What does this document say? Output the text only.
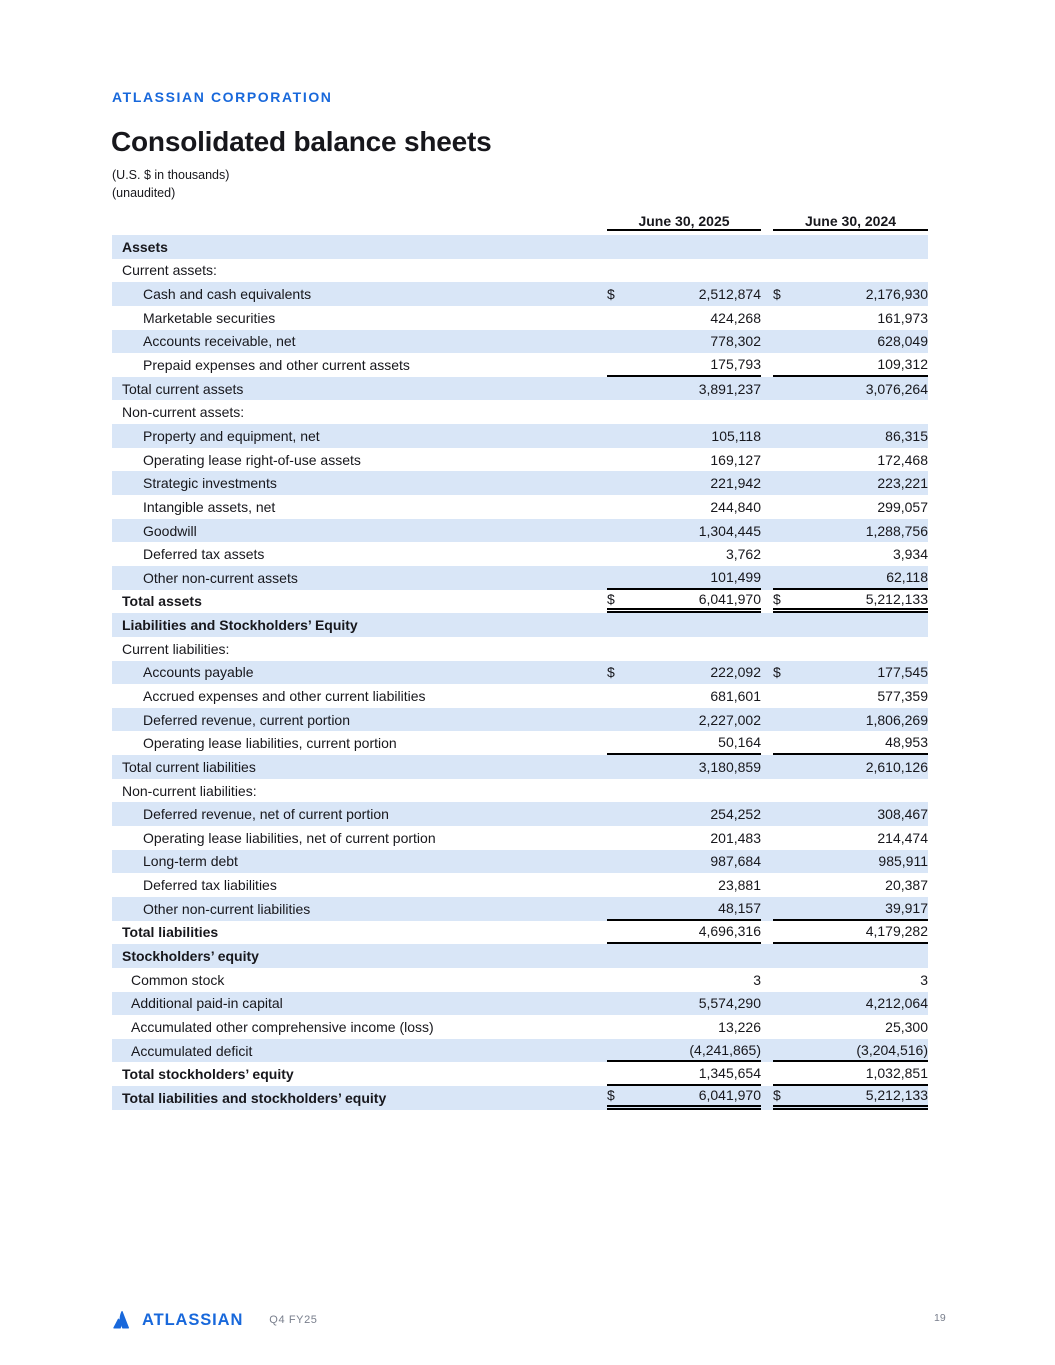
ATLASSIAN CORPORATION
Consolidated balance sheets
(U.S. $ in thousands)
(unaudited)
	June 30, 2025			June 30, 2024	

Assets					
Current assets:					
Cash and cash equivalents	$	2,512,874		$	2,176,930
Marketable securities		424,268			161,973
Accounts receivable, net		778,302			628,049
Prepaid expenses and other current assets		175,793			109,312
Total current assets		3,891,237			3,076,264
Non-current assets:					
Property and equipment, net		105,118			86,315
Operating lease right-of-use assets		169,127			172,468
Strategic investments		221,942			223,221
Intangible assets, net		244,840			299,057
Goodwill		1,304,445			1,288,756
Deferred tax assets		3,762			3,934
Other non-current assets		101,499			62,118
Total assets	$	6,041,970		$	5,212,133
Liabilities and Stockholders’ Equity					
Current liabilities:					
Accounts payable	$	222,092		$	177,545
Accrued expenses and other current liabilities		681,601			577,359
Deferred revenue, current portion		2,227,002			1,806,269
Operating lease liabilities, current portion		50,164			48,953
Total current liabilities		3,180,859			2,610,126
Non-current liabilities:					
Deferred revenue, net of current portion		254,252			308,467
Operating lease liabilities, net of current portion		201,483			214,474
Long-term debt		987,684			985,911
Deferred tax liabilities		23,881			20,387
Other non-current liabilities		48,157			39,917
Total liabilities		4,696,316			4,179,282
Stockholders’ equity					
Common stock		3			3
Additional paid-in capital		5,574,290			4,212,064
Accumulated other comprehensive income (loss)		13,226			25,300
Accumulated deficit		(4,241,865)			(3,204,516)
Total stockholders’ equity		1,345,654			1,032,851
Total liabilities and stockholders’ equity	$	6,041,970		$	5,212,133
ATLASSIAN Q4 FY25	19
